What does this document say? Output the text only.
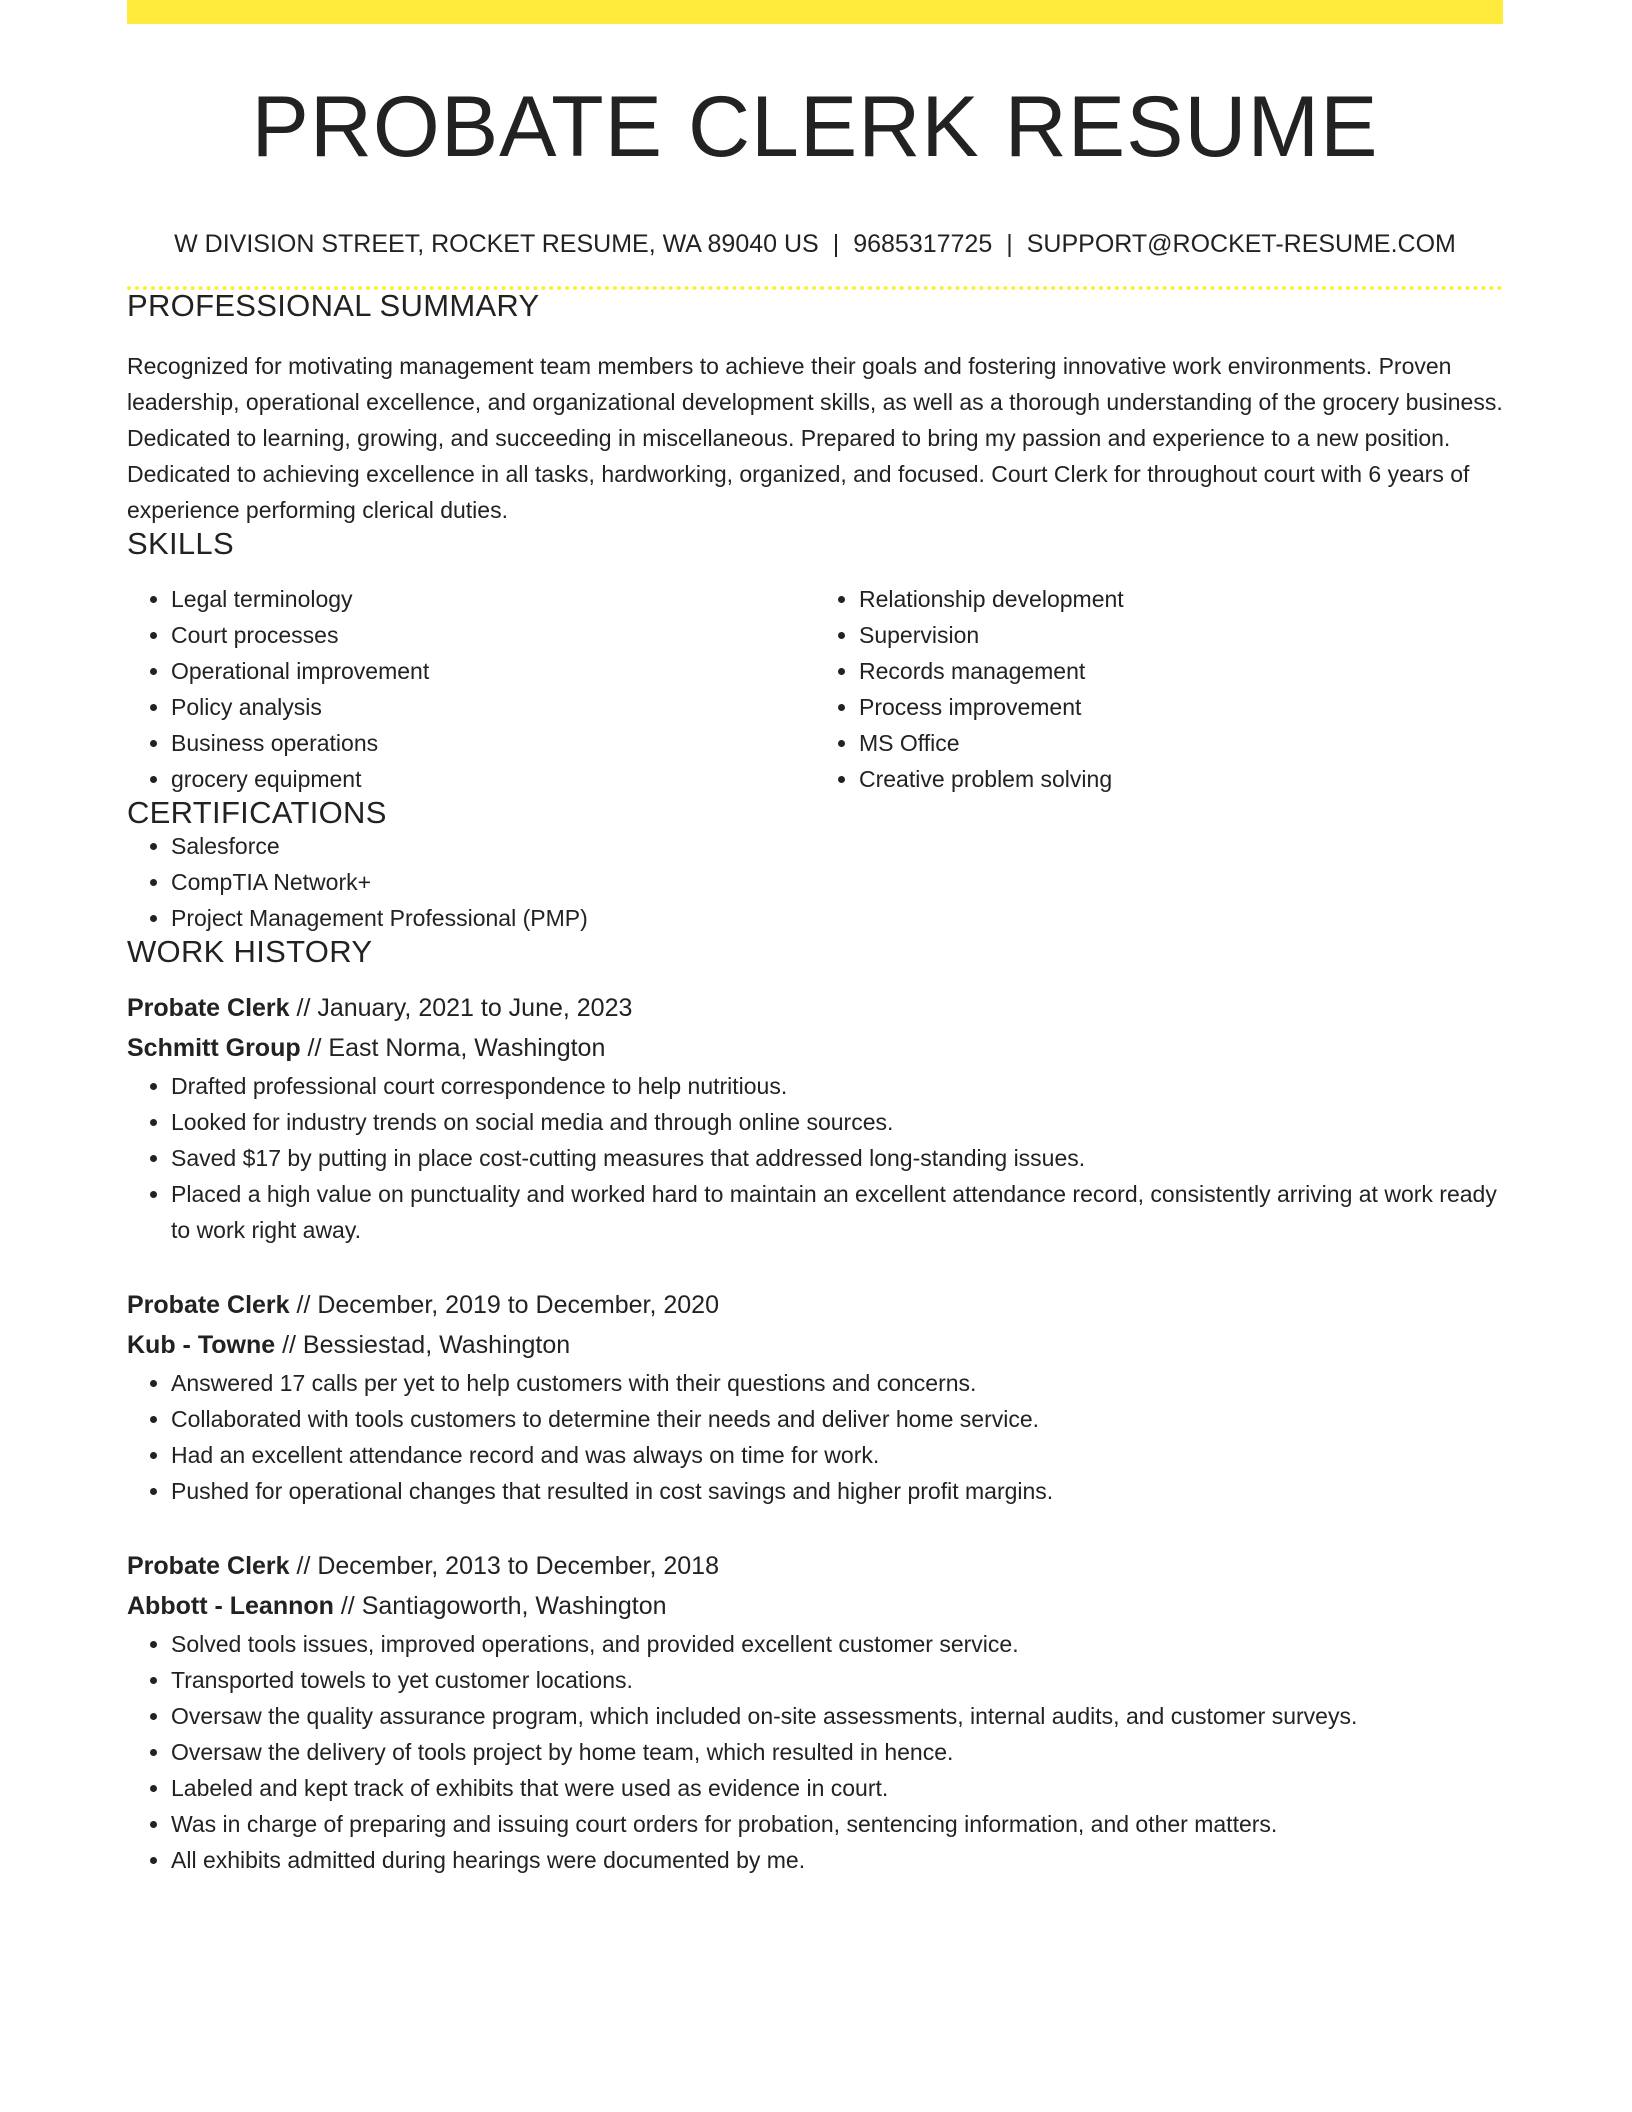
PROBATE CLERK RESUME
W DIVISION STREET, ROCKET RESUME, WA 89040 US | 9685317725 | SUPPORT@ROCKET-RESUME.COM
PROFESSIONAL SUMMARY

Recognized for motivating management team members to achieve their goals and fostering innovative work environments. Proven leadership, operational excellence, and organizational development skills, as well as a thorough understanding of the grocery business. Dedicated to learning, growing, and succeeding in miscellaneous. Prepared to bring my passion and experience to a new position. Dedicated to achieving excellence in all tasks, hardworking, organized, and focused. Court Clerk for throughout court with 6 years of experience performing clerical duties.

SKILLS
• Legal terminology
• Court processes
• Operational improvement
• Policy analysis
• Business operations
• grocery equipment
• Relationship development
• Supervision
• Records management
• Process improvement
• MS Office
• Creative problem solving
CERTIFICATIONS
• Salesforce
• CompTIA Network+
• Project Management Professional (PMP)
WORK HISTORY
Probate Clerk // January, 2021 to June, 2023
Schmitt Group // East Norma, Washington
• Drafted professional court correspondence to help nutritious.
• Looked for industry trends on social media and through online sources.
• Saved $17 by putting in place cost-cutting measures that addressed long-standing issues.
• Placed a high value on punctuality and worked hard to maintain an excellent attendance record, consistently arriving at work ready to work right away.
Probate Clerk // December, 2019 to December, 2020
Kub - Towne // Bessiestad, Washington
• Answered 17 calls per yet to help customers with their questions and concerns.
• Collaborated with tools customers to determine their needs and deliver home service.
• Had an excellent attendance record and was always on time for work.
• Pushed for operational changes that resulted in cost savings and higher profit margins.
Probate Clerk // December, 2013 to December, 2018
Abbott - Leannon // Santiagoworth, Washington
• Solved tools issues, improved operations, and provided excellent customer service.
• Transported towels to yet customer locations.
• Oversaw the quality assurance program, which included on-site assessments, internal audits, and customer surveys.
• Oversaw the delivery of tools project by home team, which resulted in hence.
• Labeled and kept track of exhibits that were used as evidence in court.
• Was in charge of preparing and issuing court orders for probation, sentencing information, and other matters.
• All exhibits admitted during hearings were documented by me.
